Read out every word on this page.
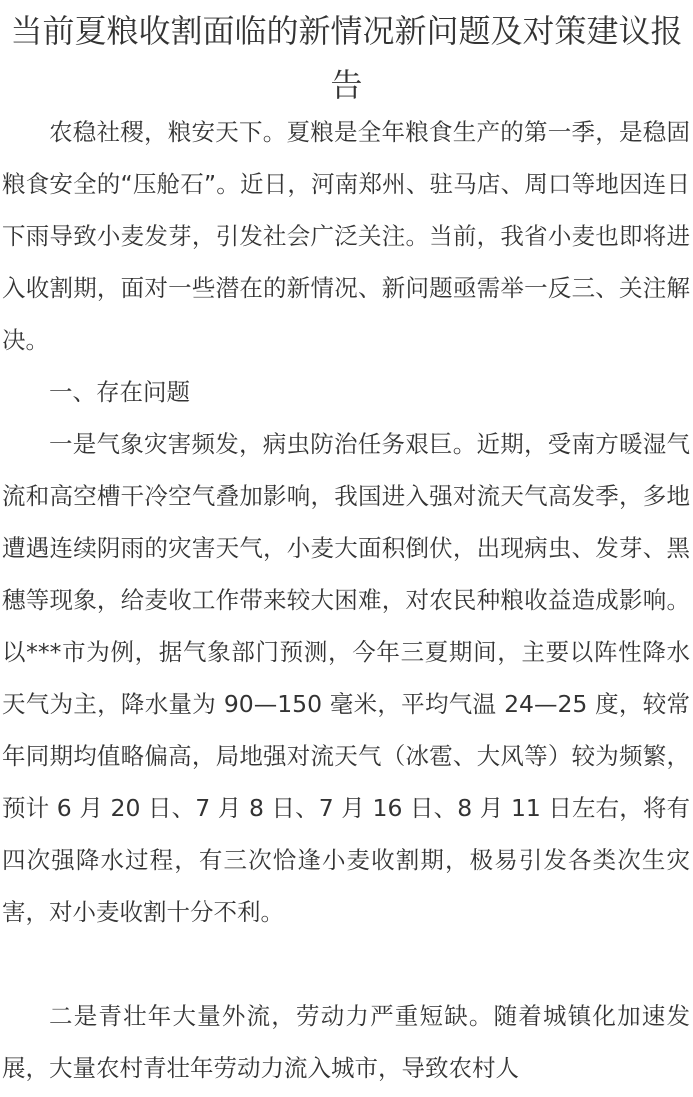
当前夏粮收割面临的新情况新问题及对策建议报告

农稳社稷，粮安天下。夏粮是全年粮食生产的第一季，是稳固粮食安全的“压舱石”。近日，河南郑州、驻马店、周口等地因连日下雨导致小麦发芽，引发社会广泛关注。当前，我省小麦也即将进入收割期，面对一些潜在的新情况、新问题亟需举一反三、关注解决。

一、存在问题

一是气象灾害频发，病虫防治任务艰巨。近期，受南方暖湿气流和高空槽干冷空气叠加影响，我国进入强对流天气高发季，多地遭遇连续阴雨的灾害天气，小麦大面积倒伏，出现病虫、发芽、黑穗等现象，给麦收工作带来较大困难，对农民种粮收益造成影响。以***市为例，据气象部门预测，今年三夏期间，主要以阵性降水天气为主，降水量为 90—150 毫米，平均气温 24—25 度，较常年同期均值略偏高，局地强对流天气（冰雹、大风等）较为频繁，预计 6 月 20 日、7 月 8 日、7 月 16 日、8 月 11 日左右，将有四次强降水过程，有三次恰逢小麦收割期，极易引发各类次生灾害，对小麦收割十分不利。

二是青壮年大量外流，劳动力严重短缺。随着城镇化加速发展，大量农村青壮年劳动力流入城市，导致农村人
